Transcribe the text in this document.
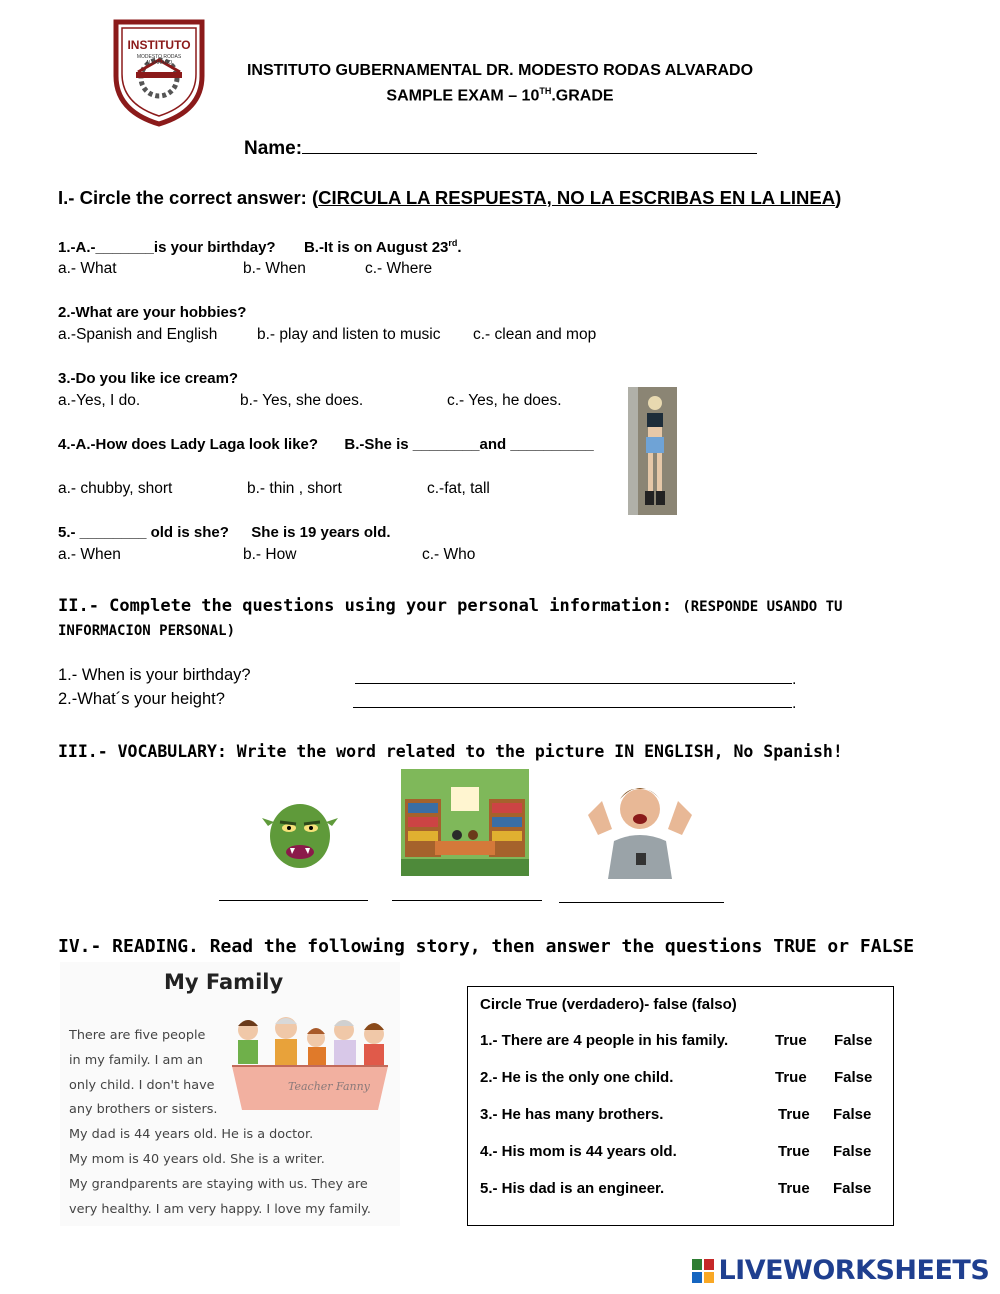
INSTITUTO
MODESTO RODAS ALVARADO	INSTITUTO GUBERNAMENTAL DR. MODESTO RODAS ALVARADO
SAMPLE EXAM – 10TH.GRADE
Name:
I.- Circle the correct answer: (CIRCULA LA RESPUESTA, NO LA ESCRIBAS EN LA LINEA)
1.-A.-_______is your birthday? B.-It is on August 23rd.
a.- What	b.- When	c.- Where
2.-What are your hobbies?
a.-Spanish and English	b.- play and listen to music c.- clean and mop
3.-Do you like ice cream?
a.-Yes, I do.	b.- Yes, she does.	c.- Yes, he does.
4.-A.-How does Lady Laga look like? B.-She is ________and __________
a.- chubby, short	b.- thin , short	c.-fat, tall
5.- ________ old is she? She is 19 years old.
a.- When	b.- How	c.- Who
II.- Complete the questions using your personal information: (RESPONDE USANDO TU
INFORMACION PERSONAL)
1.- When is your birthday?	.
2.-What´s your height?	.
III.- VOCABULARY: Write the word related to the picture IN ENGLISH, No Spanish!
IV.- READING. Read the following story, then answer the questions TRUE or FALSE
My Family
Teacher Fanny
There are five people
in my family. I am an
only child. I don't have
any brothers or sisters.
My dad is 44 years old. He is a doctor.
My mom is 40 years old. She is a writer.
My grandparents are staying with us. They are
very healthy. I am very happy. I love my family.
Circle True (verdadero)- false (falso)
1.- There are 4 people in his family.	True False
2.- He is the only one child.	True False
3.- He has many brothers.	True False
4.- His mom is 44 years old.	True False
5.- His dad is an engineer.	True False
LIVEWORKSHEETS
